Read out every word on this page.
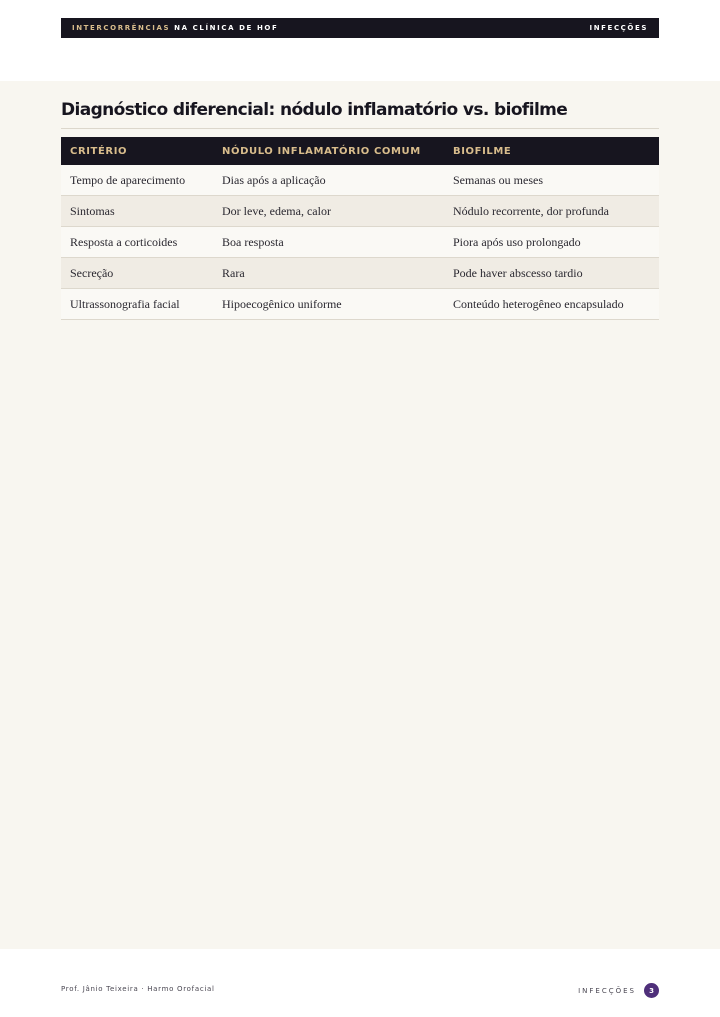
INTERCORRÊNCIAS NA CLÍNICA DE HOF	INFECÇÕES
Diagnóstico diferencial: nódulo inflamatório vs. biofilme
CRITÉRIO	NÓDULO INFLAMATÓRIO COMUM	BIOFILME
Tempo de aparecimento	Dias após a aplicação	Semanas ou meses
Sintomas	Dor leve, edema, calor	Nódulo recorrente, dor profunda
Resposta a corticoides	Boa resposta	Piora após uso prolongado
Secreção	Rara	Pode haver abscesso tardio
Ultrassonografia facial	Hipoecogênico uniforme	Conteúdo heterogêneo encapsulado
Prof. Jânio Teixeira · Harmo Orofacial	INFECÇÕES	3
